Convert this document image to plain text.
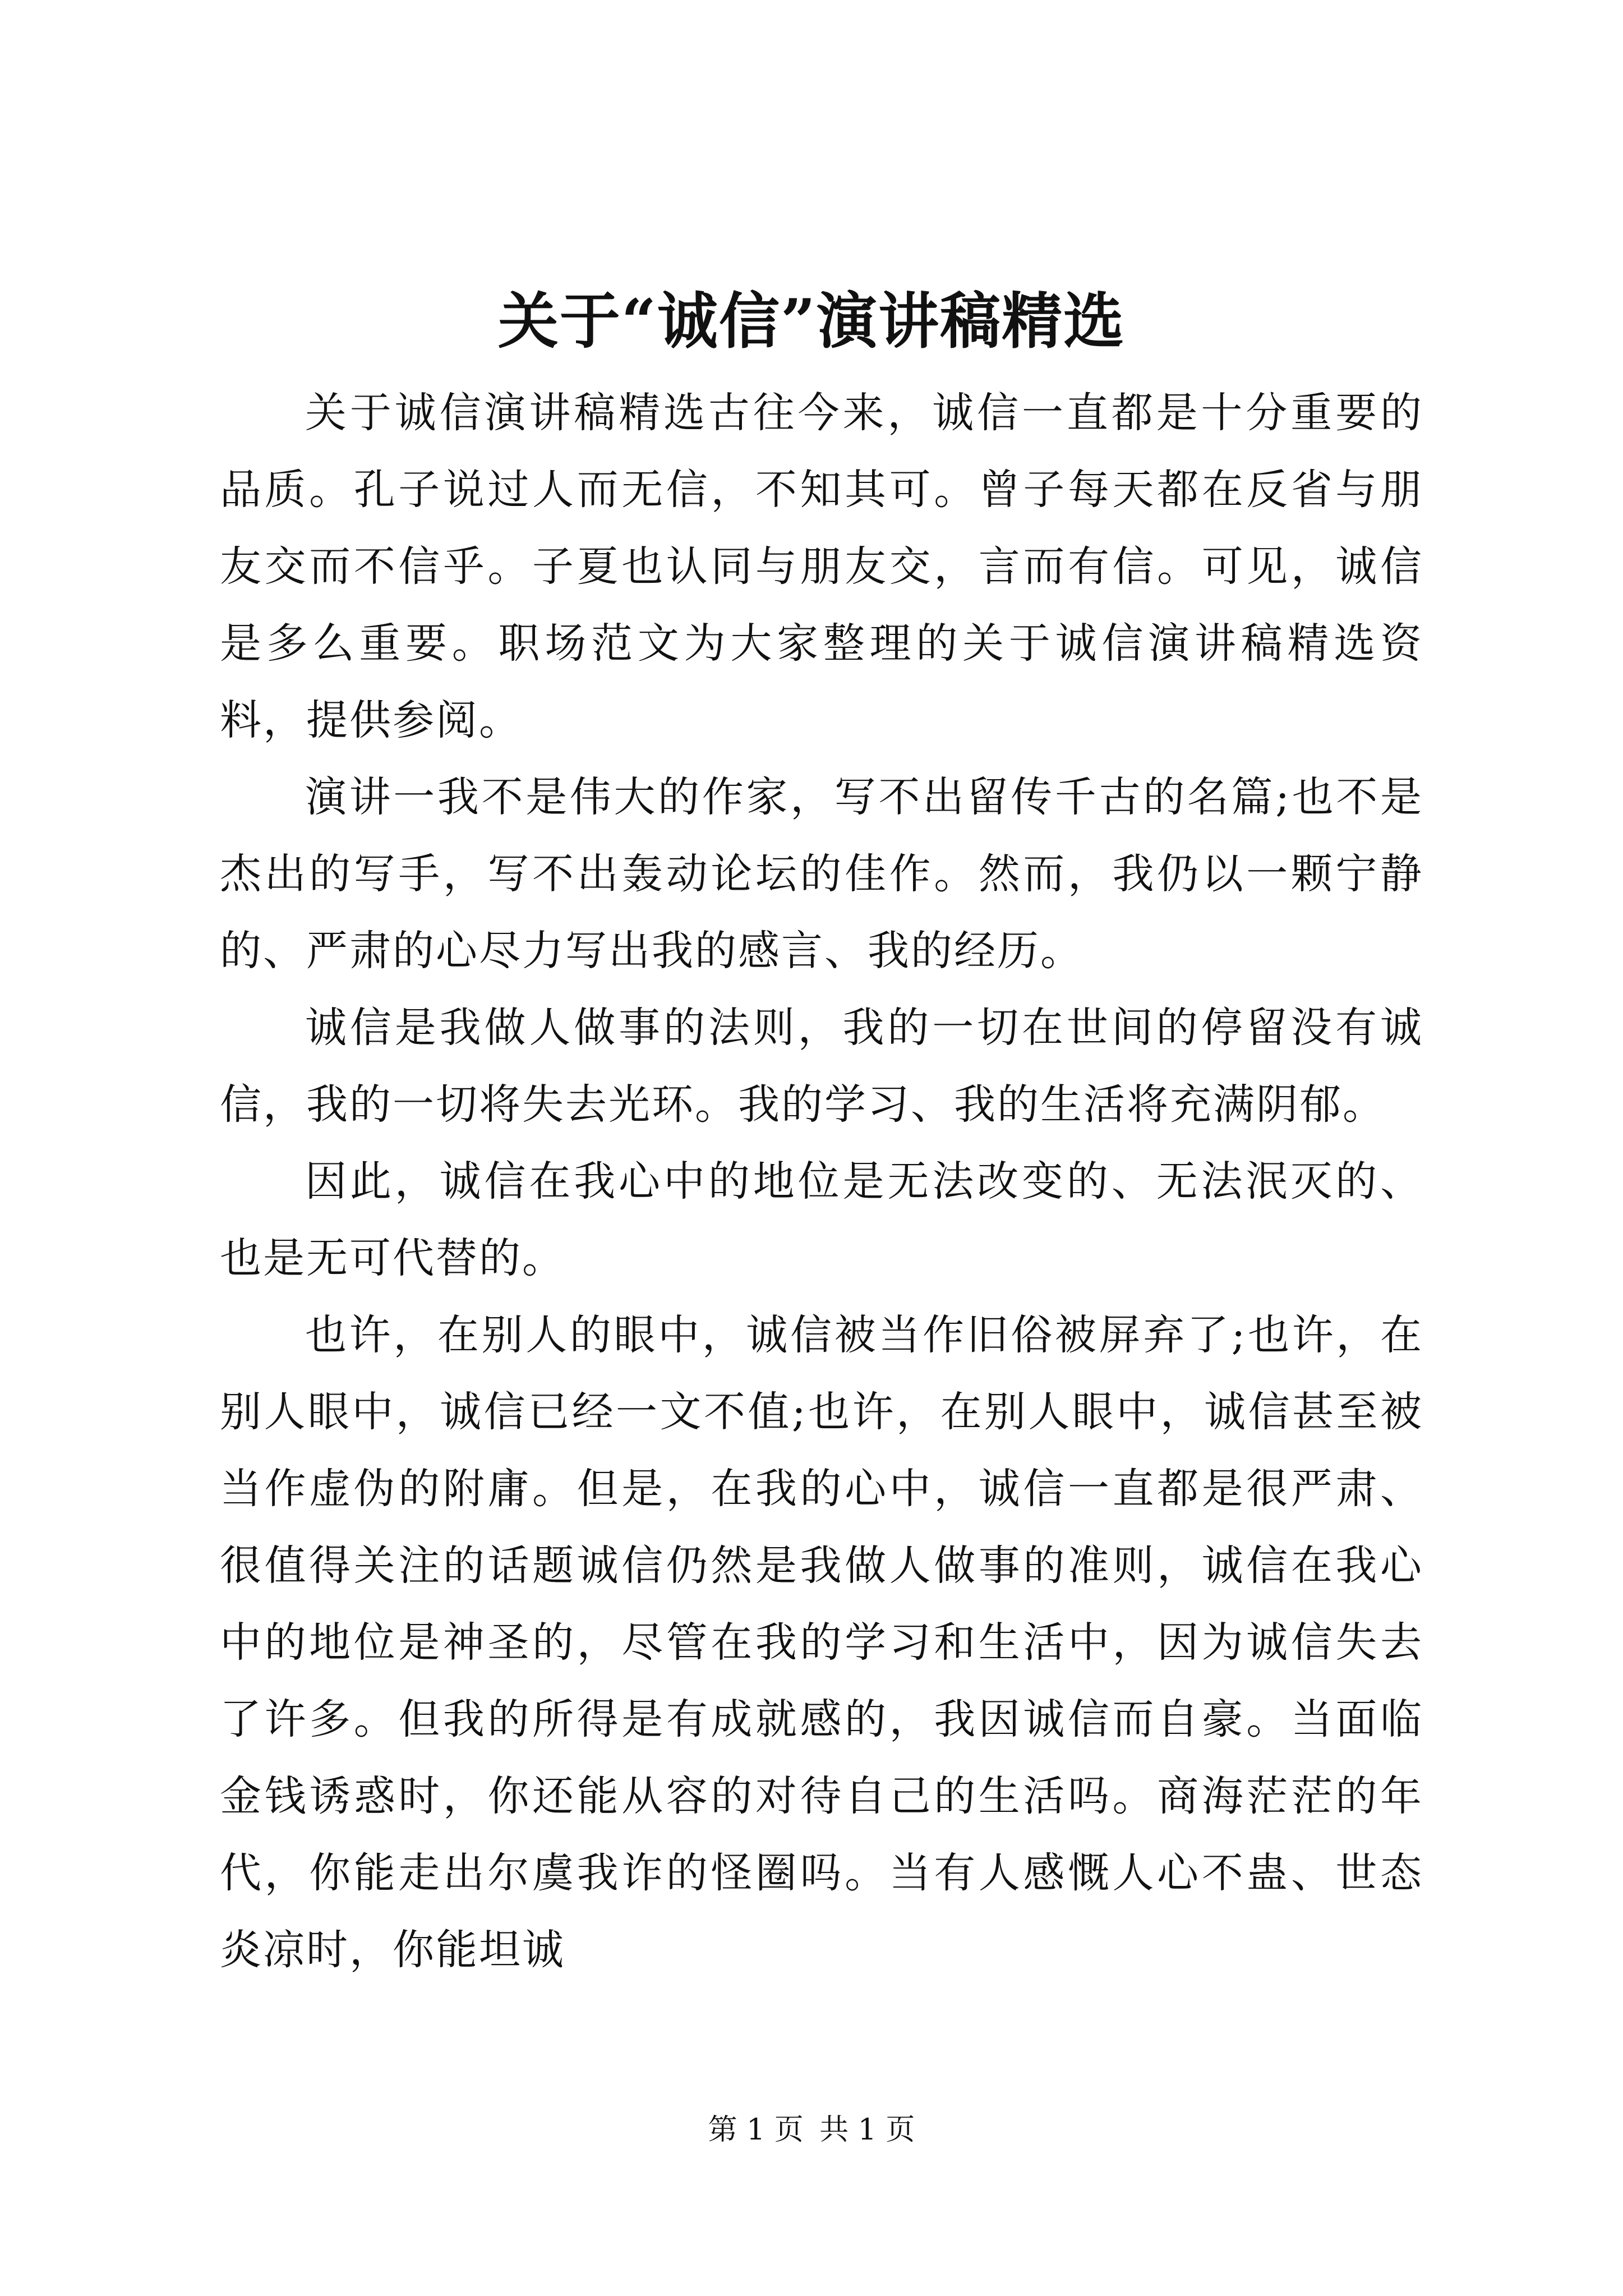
关于“诚信”演讲稿精选

关于诚信演讲稿精选古往今来，诚信一直都是十分重要的品质。孔子说过人而无信，不知其可。曾子每天都在反省与朋友交而不信乎。子夏也认同与朋友交，言而有信。可见，诚信是多么重要。职场范文为大家整理的关于诚信演讲稿精选资料，提供参阅。

演讲一我不是伟大的作家，写不出留传千古的名篇;也不是杰出的写手，写不出轰动论坛的佳作。然而，我仍以一颗宁静的、严肃的心尽力写出我的感言、我的经历。

诚信是我做人做事的法则，我的一切在世间的停留没有诚信，我的一切将失去光环。我的学习、我的生活将充满阴郁。

因此，诚信在我心中的地位是无法改变的、无法泯灭的、也是无可代替的。

也许，在别人的眼中，诚信被当作旧俗被屏弃了;也许，在别人眼中，诚信已经一文不值;也许，在别人眼中，诚信甚至被当作虚伪的附庸。但是，在我的心中，诚信一直都是很严肃、很值得关注的话题诚信仍然是我做人做事的准则，诚信在我心中的地位是神圣的，尽管在我的学习和生活中，因为诚信失去了许多。但我的所得是有成就感的，我因诚信而自豪。当面临金钱诱惑时，你还能从容的对待自己的生活吗。商海茫茫的年代，你能走出尔虞我诈的怪圈吗。当有人感慨人心不蛊、世态炎凉时，你能坦诚

第 1 页 共 1 页
